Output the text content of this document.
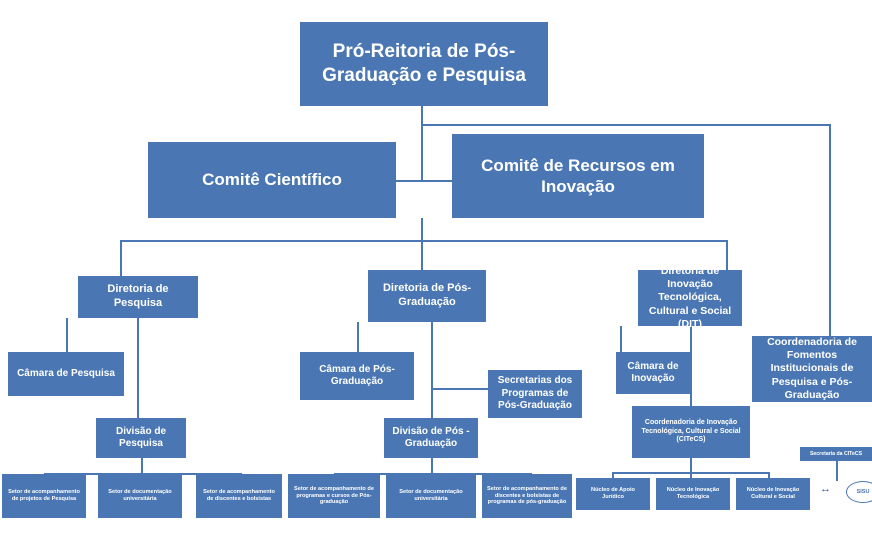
Pró-Reitoria de Pós-Graduação e Pesquisa
Comitê Científico
Comitê de Recursos em Inovação
Diretoria de Pesquisa
Diretoria de Pós-Graduação
Diretoria de Inovação Tecnológica, Cultural e Social (DIT)
Coordenadoria de Fomentos Institucionais de Pesquisa e Pós-Graduação
Câmara de Pesquisa	Câmara de Pós-Graduação	Secretarias dos Programas de Pós-Graduação
Câmara de Inovação
Divisão de Pesquisa
Divisão de Pós - Graduação
Coordenadoria de Inovação Tecnológica, Cultural e Social (CITeCS)
Setor de acompanhamento de projetos de Pesquisa
Setor de documentação universitária
Setor de acompanhamento de discentes e bolsistas
Setor de acompanhamento de programas e cursos de Pós-graduação
Setor de documentação universitária
Setor de acompanhamento de discentes e bolsistas de programas de pós-graduação
Núcleo de Apoio Jurídico
Núcleo de Inovação Tecnológica
Núcleo de Inovação Cultural e Social
Secretaria da CITeCS
SISU
↔
